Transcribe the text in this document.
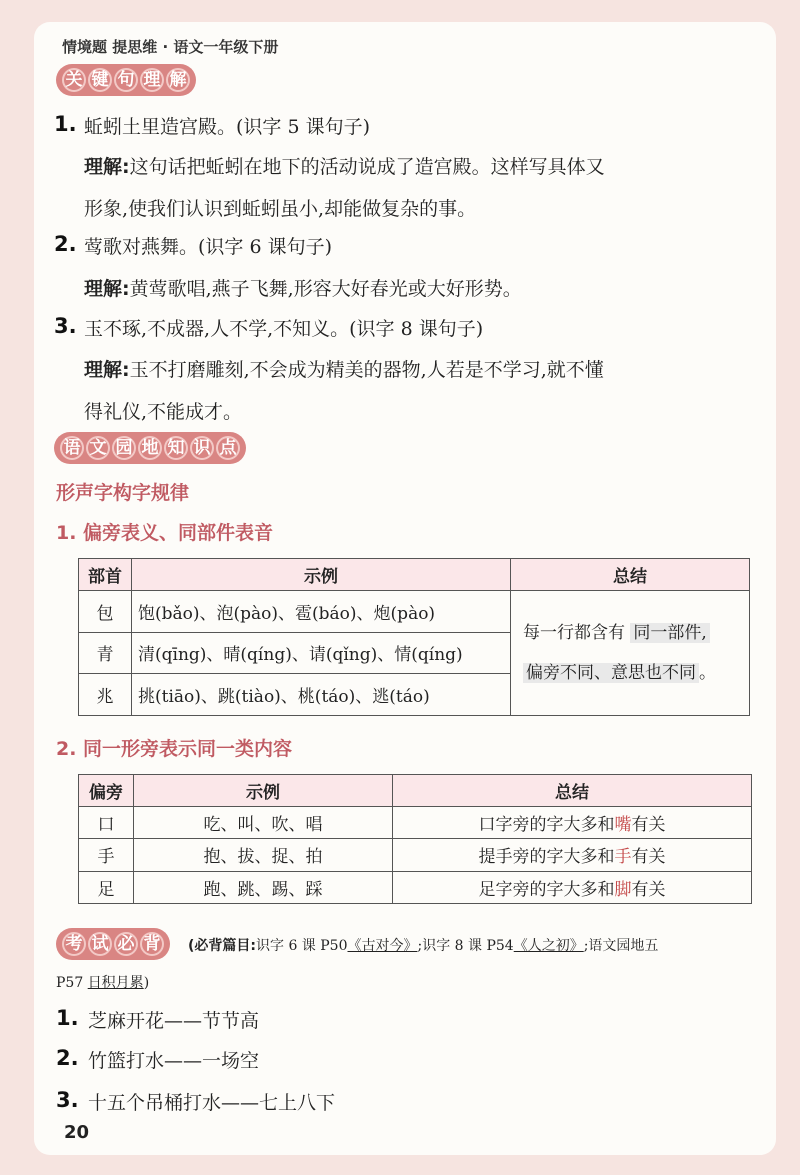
情境题 提思维 · 语文一年级下册
关 键 句 理 解
1. 蚯蚓土里造宫殿。(识字 5 课句子)
理解:这句话把蚯蚓在地下的活动说成了造宫殿。这样写具体又
形象,使我们认识到蚯蚓虽小,却能做复杂的事。
2. 莺歌对燕舞。(识字 6 课句子)
理解:黄莺歌唱,燕子飞舞,形容大好春光或大好形势。
3. 玉不琢,不成器,人不学,不知义。(识字 8 课句子)
理解:玉不打磨雕刻,不会成为精美的器物,人若是不学习,就不懂
得礼仪,不能成才。
语 文 园 地 知 识 点
形声字构字规律
1. 偏旁表义、同部件表音
部首	示例	总结
包	饱(bǎo)、泡(pào)、雹(báo)、炮(pào)	每一行都含有 同一部件,
偏旁不同、意思也不同 。
青	清(qīng)、晴(qíng)、请(qǐng)、情(qíng)	
兆	挑(tiāo)、跳(tiào)、桃(táo)、逃(táo)	
2. 同一形旁表示同一类内容
偏旁	示例	总结
口	吃、叫、吹、唱	口字旁的字大多和嘴有关
手	抱、拔、捉、拍	提手旁的字大多和手有关
足	跑、跳、踢、踩	足字旁的字大多和脚有关
考 试 必 背 (必背篇目:识字 6 课 P50《古对今》;识字 8 课 P54《人之初》;语文园地五
P57 日积月累)
1. 芝麻开花——节节高
2. 竹篮打水——一场空
3. 十五个吊桶打水——七上八下
20
